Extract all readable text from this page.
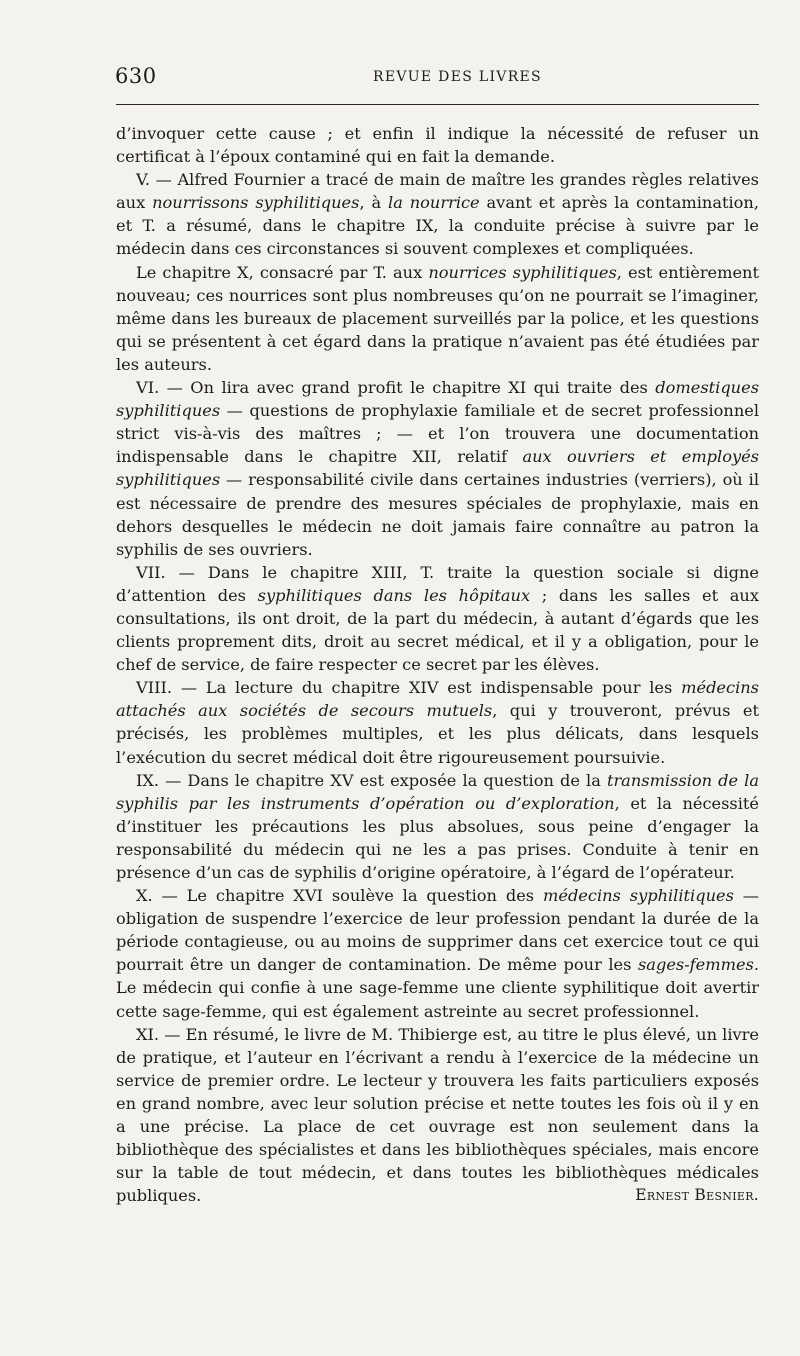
630	REVUE DES LIVRES

d’invoquer cette cause ; et enfin il indique la nécessité de refuser un certificat à l’époux contaminé qui en fait la demande.

V. — Alfred Fournier a tracé de main de maître les grandes règles relatives aux nourrissons syphilitiques, à la nourrice avant et après la contamination, et T. a résumé, dans le chapitre IX, la conduite précise à suivre par le médecin dans ces circonstances si souvent complexes et compliquées.

Le chapitre X, consacré par T. aux nourrices syphilitiques, est entièrement nouveau; ces nourrices sont plus nombreuses qu’on ne pourrait se l’imaginer, même dans les bureaux de placement surveillés par la police, et les questions qui se présentent à cet égard dans la pratique n’avaient pas été étudiées par les auteurs.

VI. — On lira avec grand profit le chapitre XI qui traite des domestiques syphilitiques — questions de prophylaxie familiale et de secret professionnel strict vis-à-vis des maîtres ; — et l’on trouvera une documentation indispensable dans le chapitre XII, relatif aux ouvriers et employés syphilitiques — responsabilité civile dans certaines industries (verriers), où il est nécessaire de prendre des mesures spéciales de prophylaxie, mais en dehors desquelles le médecin ne doit jamais faire connaître au patron la syphilis de ses ouvriers.

VII. — Dans le chapitre XIII, T. traite la question sociale si digne d’attention des syphilitiques dans les hôpitaux ; dans les salles et aux consultations, ils ont droit, de la part du médecin, à autant d’égards que les clients proprement dits, droit au secret médical, et il y a obligation, pour le chef de service, de faire respecter ce secret par les élèves.

VIII. — La lecture du chapitre XIV est indispensable pour les médecins attachés aux sociétés de secours mutuels, qui y trouveront, prévus et précisés, les problèmes multiples, et les plus délicats, dans lesquels l’exécution du secret médical doit être rigoureusement poursuivie.

IX. — Dans le chapitre XV est exposée la question de la transmission de la syphilis par les instruments d’opération ou d’exploration, et la nécessité d’instituer les précautions les plus absolues, sous peine d’engager la responsabilité du médecin qui ne les a pas prises. Conduite à tenir en présence d’un cas de syphilis d’origine opératoire, à l’égard de l’opérateur.

X. — Le chapitre XVI soulève la question des médecins syphilitiques — obligation de suspendre l’exercice de leur profession pendant la durée de la période contagieuse, ou au moins de supprimer dans cet exercice tout ce qui pourrait être un danger de contamination. De même pour les sages-femmes. Le médecin qui confie à une sage-femme une cliente syphilitique doit avertir cette sage-femme, qui est également astreinte au secret professionnel.

XI. — En résumé, le livre de M. Thibierge est, au titre le plus élevé, un livre de pratique, et l’auteur en l’écrivant a rendu à l’exercice de la médecine un service de premier ordre. Le lecteur y trouvera les faits particuliers exposés en grand nombre, avec leur solution précise et nette toutes les fois où il y en a une précise. La place de cet ouvrage est non seulement dans la bibliothèque des spécialistes et dans les bibliothèques spéciales, mais encore sur la table de tout médecin, et dans toutes les bibliothèques médicales publiques.	Ernest Besnier.
